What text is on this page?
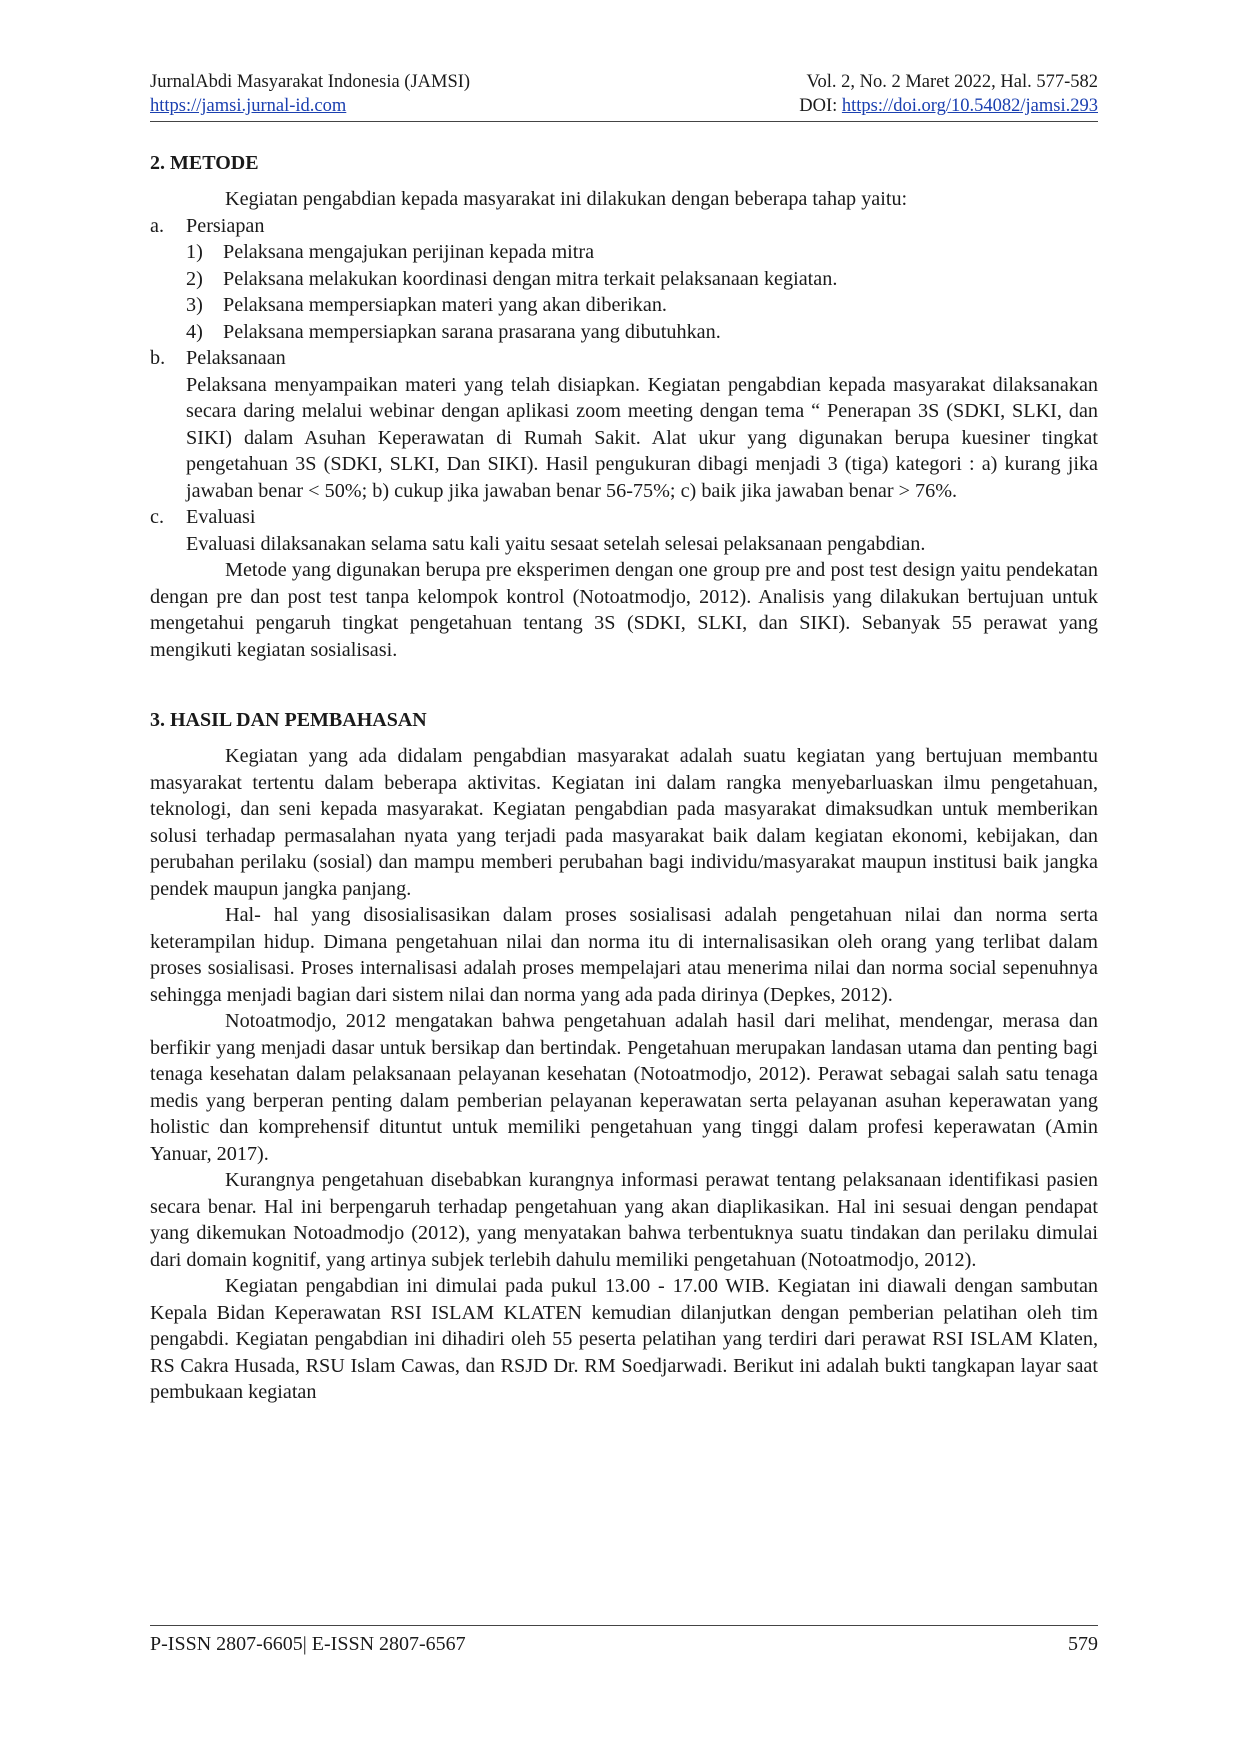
JurnalAbdi Masyarakat Indonesia (JAMSI)
https://jamsi.jurnal-id.com
Vol. 2, No. 2 Maret 2022, Hal. 577-582
DOI: https://doi.org/10.54082/jamsi.293
2. METODE

Kegiatan pengabdian kepada masyarakat ini dilakukan dengan beberapa tahap yaitu:

a.	Persiapan
1) Pelaksana mengajukan perijinan kepada mitra
2) Pelaksana melakukan koordinasi dengan mitra terkait pelaksanaan kegiatan.
3) Pelaksana mempersiapkan materi yang akan diberikan.
4) Pelaksana mempersiapkan sarana prasarana yang dibutuhkan.
b.	Pelaksanaan

Pelaksana menyampaikan materi yang telah disiapkan. Kegiatan pengabdian kepada masyarakat dilaksanakan secara daring melalui webinar dengan aplikasi zoom meeting dengan tema “ Penerapan 3S (SDKI, SLKI, dan SIKI) dalam Asuhan Keperawatan di Rumah Sakit. Alat ukur yang digunakan berupa kuesiner tingkat pengetahuan 3S (SDKI, SLKI, Dan SIKI). Hasil pengukuran dibagi menjadi 3 (tiga) kategori : a) kurang jika jawaban benar < 50%; b) cukup jika jawaban benar 56-75%; c) baik jika jawaban benar > 76%.

c.	Evaluasi

Evaluasi dilaksanakan selama satu kali yaitu sesaat setelah selesai pelaksanaan pengabdian.

Metode yang digunakan berupa pre eksperimen dengan one group pre and post test design yaitu pendekatan dengan pre dan post test tanpa kelompok kontrol (Notoatmodjo, 2012). Analisis yang dilakukan bertujuan untuk mengetahui pengaruh tingkat pengetahuan tentang 3S (SDKI, SLKI, dan SIKI). Sebanyak 55 perawat yang mengikuti kegiatan sosialisasi.

3. HASIL DAN PEMBAHASAN

Kegiatan yang ada didalam pengabdian masyarakat adalah suatu kegiatan yang bertujuan membantu masyarakat tertentu dalam beberapa aktivitas. Kegiatan ini dalam rangka menyebarluaskan ilmu pengetahuan, teknologi, dan seni kepada masyarakat. Kegiatan pengabdian pada masyarakat dimaksudkan untuk memberikan solusi terhadap permasalahan nyata yang terjadi pada masyarakat baik dalam kegiatan ekonomi, kebijakan, dan perubahan perilaku (sosial) dan mampu memberi perubahan bagi individu/masyarakat maupun institusi baik jangka pendek maupun jangka panjang.

Hal- hal yang disosialisasikan dalam proses sosialisasi adalah pengetahuan nilai dan norma serta keterampilan hidup. Dimana pengetahuan nilai dan norma itu di internalisasikan oleh orang yang terlibat dalam proses sosialisasi. Proses internalisasi adalah proses mempelajari atau menerima nilai dan norma social sepenuhnya sehingga menjadi bagian dari sistem nilai dan norma yang ada pada dirinya (Depkes, 2012).

Notoatmodjo, 2012 mengatakan bahwa pengetahuan adalah hasil dari melihat, mendengar, merasa dan berfikir yang menjadi dasar untuk bersikap dan bertindak. Pengetahuan merupakan landasan utama dan penting bagi tenaga kesehatan dalam pelaksanaan pelayanan kesehatan (Notoatmodjo, 2012). Perawat sebagai salah satu tenaga medis yang berperan penting dalam pemberian pelayanan keperawatan serta pelayanan asuhan keperawatan yang holistic dan komprehensif dituntut untuk memiliki pengetahuan yang tinggi dalam profesi keperawatan (Amin Yanuar, 2017).

Kurangnya pengetahuan disebabkan kurangnya informasi perawat tentang pelaksanaan identifikasi pasien secara benar. Hal ini berpengaruh terhadap pengetahuan yang akan diaplikasikan. Hal ini sesuai dengan pendapat yang dikemukan Notoadmodjo (2012), yang menyatakan bahwa terbentuknya suatu tindakan dan perilaku dimulai dari domain kognitif, yang artinya subjek terlebih dahulu memiliki pengetahuan (Notoatmodjo, 2012).

Kegiatan pengabdian ini dimulai pada pukul 13.00 - 17.00 WIB. Kegiatan ini diawali dengan sambutan Kepala Bidan Keperawatan RSI ISLAM KLATEN kemudian dilanjutkan dengan pemberian pelatihan oleh tim pengabdi. Kegiatan pengabdian ini dihadiri oleh 55 peserta pelatihan yang terdiri dari perawat RSI ISLAM Klaten, RS Cakra Husada, RSU Islam Cawas, dan RSJD Dr. RM Soedjarwadi. Berikut ini adalah bukti tangkapan layar saat pembukaan kegiatan

P-ISSN 2807-6605| E-ISSN 2807-6567	579
